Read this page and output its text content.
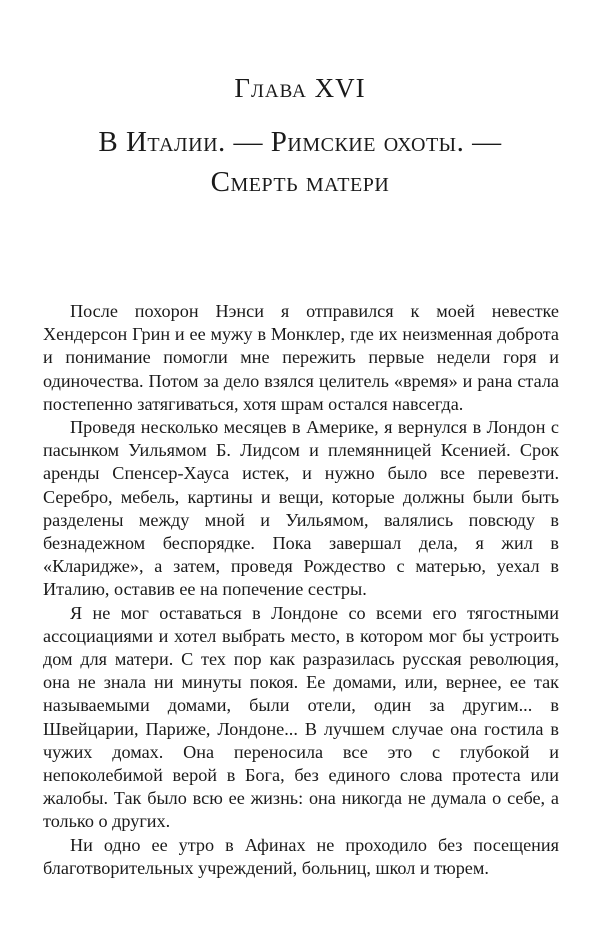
Глава XVI
В Италии. — Римские охоты. —
Смерть матери

После похорон Нэнси я отправился к моей невестке Хендерсон Грин и ее мужу в Монклер, где их неизменная доброта и понимание помогли мне пережить первые недели горя и одиночества. Потом за дело взялся целитель «время» и рана стала постепенно затягиваться, хотя шрам остался навсегда.

Проведя несколько месяцев в Америке, я вернулся в Лондон с пасынком Уильямом Б. Лидсом и племянницей Ксенией. Срок аренды Спенсер-Хауса истек, и нужно было все перевезти. Серебро, мебель, картины и вещи, которые должны были быть разделены между мной и Уильямом, валялись повсюду в безнадежном беспорядке. Пока завершал дела, я жил в «Кларидже», а затем, проведя Рождество с матерью, уехал в Италию, оставив ее на попечение сестры.

Я не мог оставаться в Лондоне со всеми его тягостными ассоциациями и хотел выбрать место, в котором мог бы устроить дом для матери. С тех пор как разразилась русская революция, она не знала ни минуты покоя. Ее домами, или, вернее, ее так называемыми домами, были отели, один за другим... в Швейцарии, Париже, Лондоне... В лучшем случае она гостила в чужих домах. Она переносила все это с глубокой и непоколебимой верой в Бога, без единого слова протеста или жалобы. Так было всю ее жизнь: она никогда не думала о себе, а только о других.

Ни одно ее утро в Афинах не проходило без посещения благотворительных учреждений, больниц, школ и тюрем.
